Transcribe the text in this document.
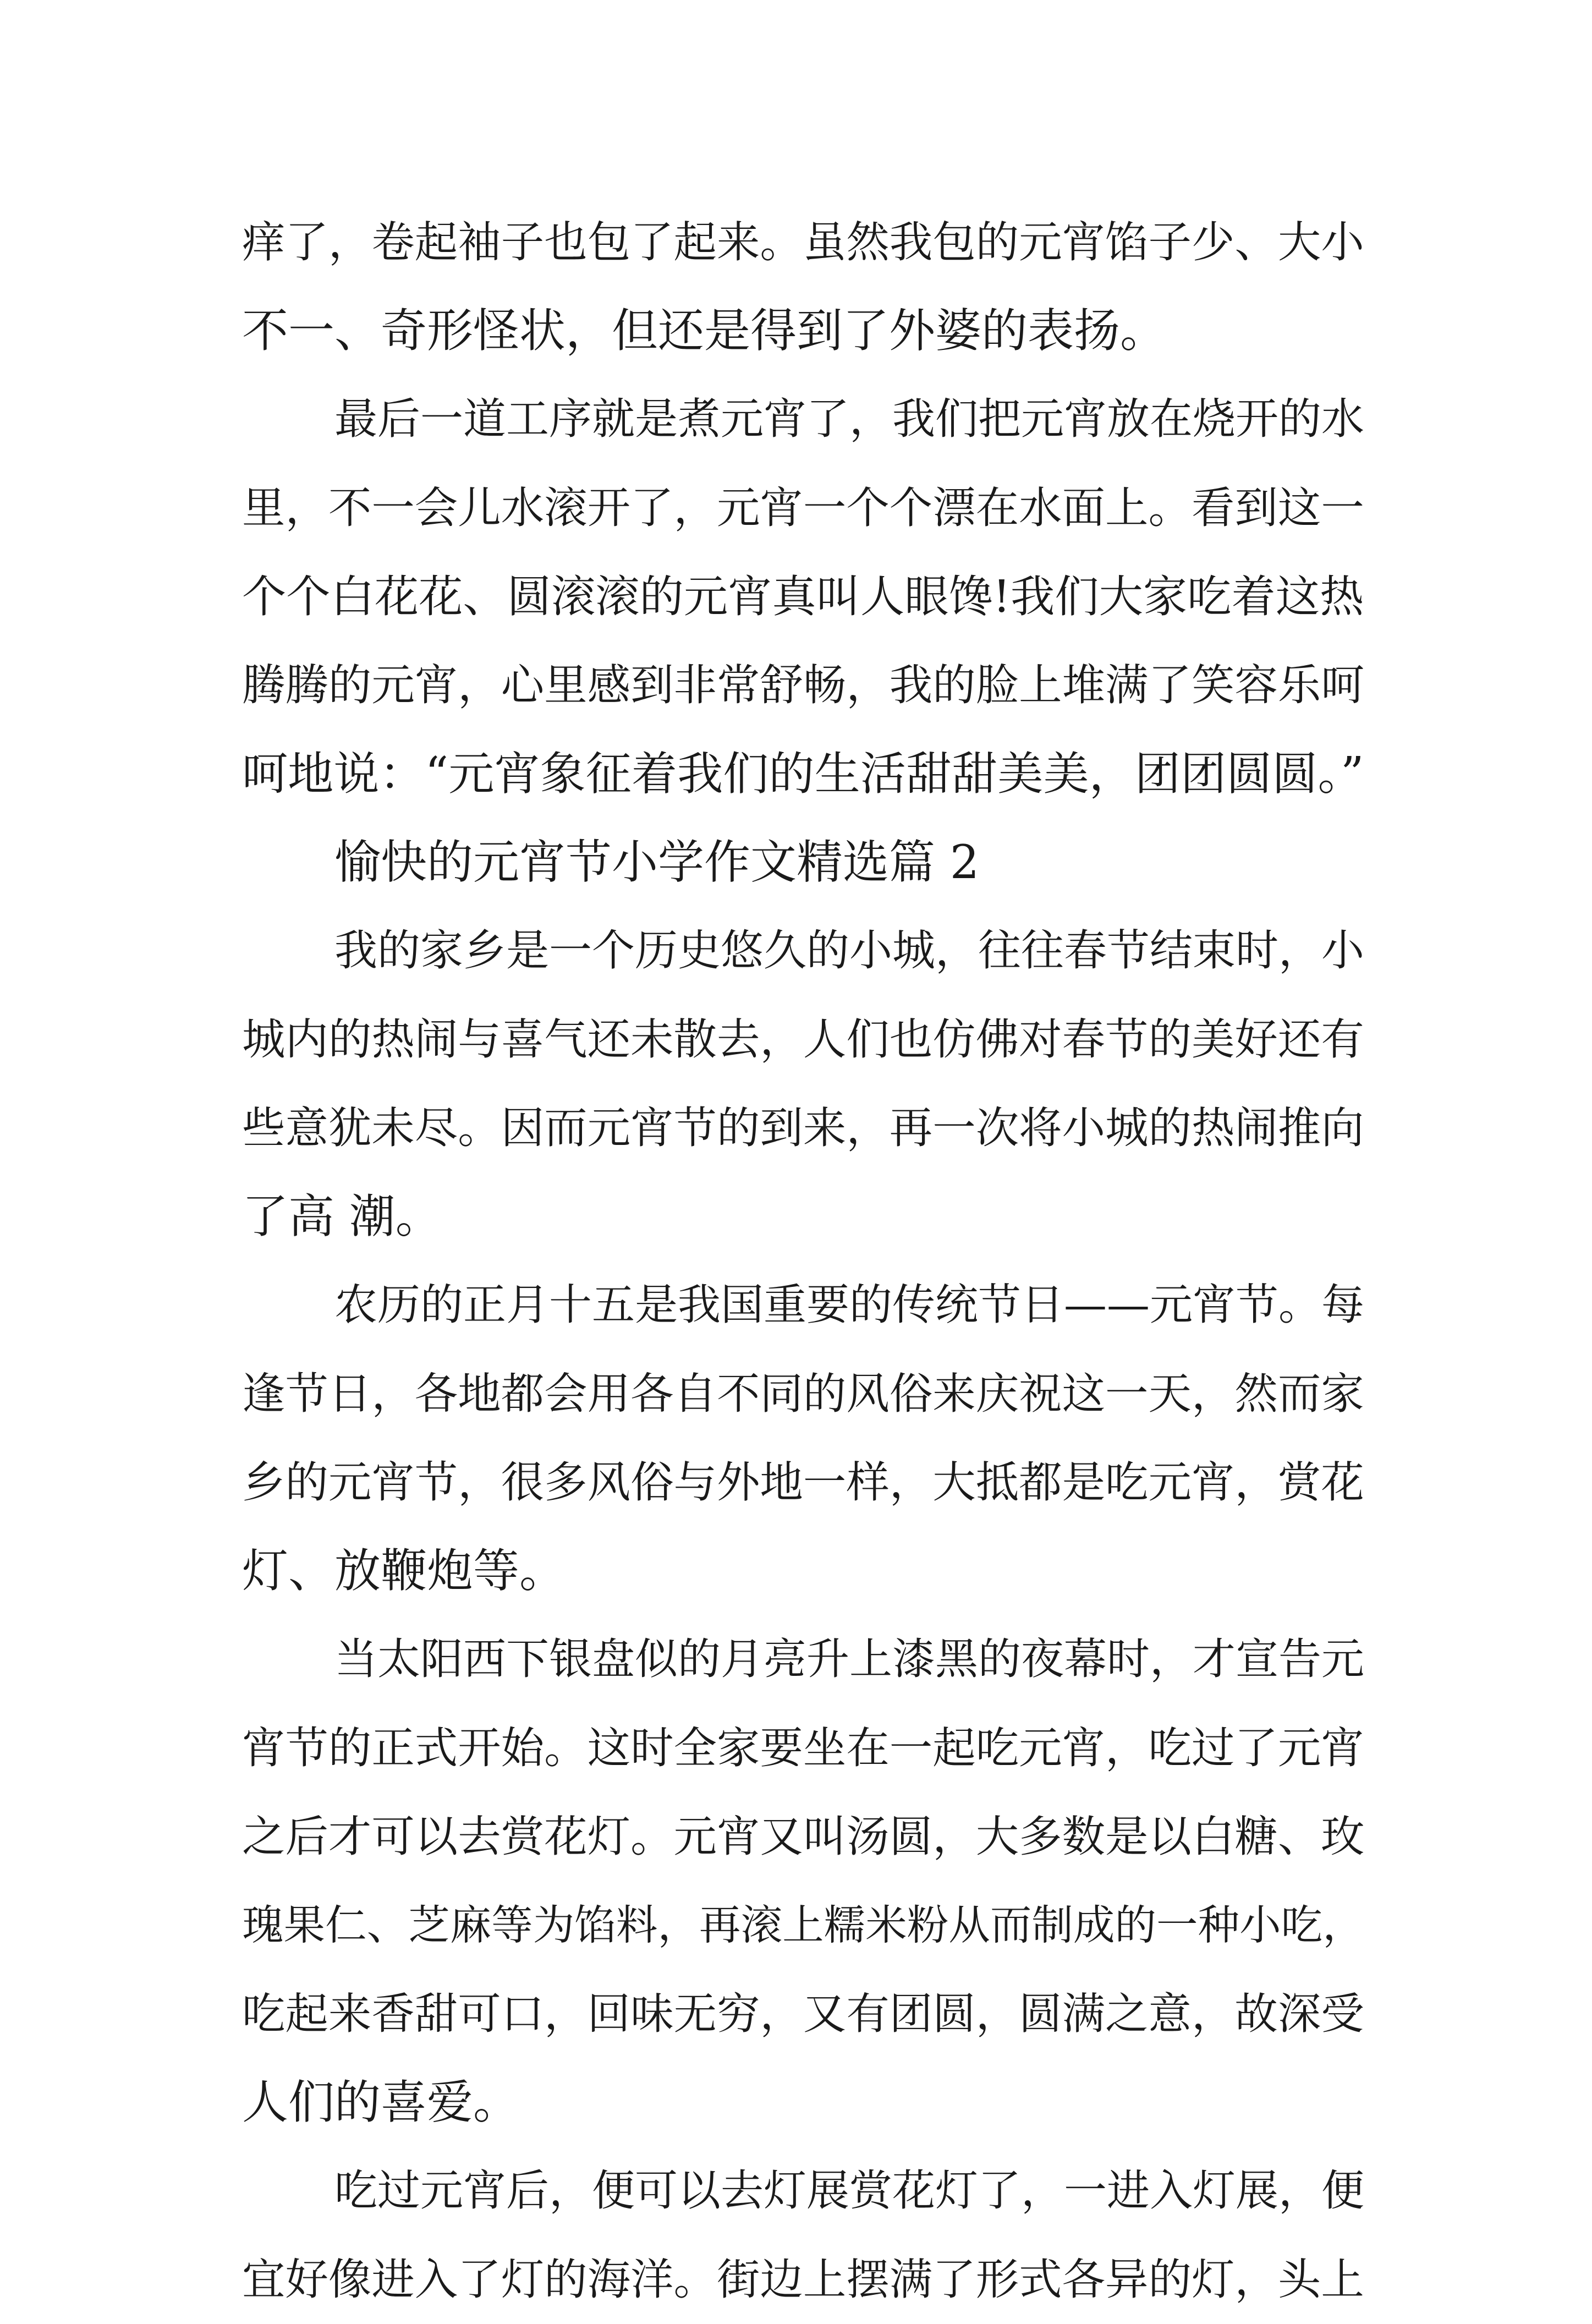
痒了，卷起袖子也包了起来。虽然我包的元宵馅子少、大小
不一、奇形怪状，但还是得到了外婆的表扬。
最后一道工序就是煮元宵了，我们把元宵放在烧开的水
里，不一会儿水滚开了，元宵一个个漂在水面上。看到这一
个个白花花、圆滚滚的元宵真叫人眼馋!我们大家吃着这热
腾腾的元宵，心里感到非常舒畅，我的脸上堆满了笑容乐呵
呵地说：“元宵象征着我们的生活甜甜美美，团团圆圆。”
愉快的元宵节小学作文精选篇 2
我的家乡是一个历史悠久的小城，往往春节结束时，小
城内的热闹与喜气还未散去，人们也仿佛对春节的美好还有
些意犹未尽。因而元宵节的到来，再一次将小城的热闹推向
了高 潮。
农历的正月十五是我国重要的传统节日——元宵节。每
逢节日，各地都会用各自不同的风俗来庆祝这一天，然而家
乡的元宵节，很多风俗与外地一样，大抵都是吃元宵，赏花
灯、放鞭炮等。
当太阳西下银盘似的月亮升上漆黑的夜幕时，才宣告元
宵节的正式开始。这时全家要坐在一起吃元宵，吃过了元宵
之后才可以去赏花灯。元宵又叫汤圆，大多数是以白糖、玫
瑰果仁、芝麻等为馅料，再滚上糯米粉从而制成的一种小吃，
吃起来香甜可口，回味无穷，又有团圆，圆满之意，故深受
人们的喜爱。
吃过元宵后，便可以去灯展赏花灯了，一进入灯展，便
宜好像进入了灯的海洋。街边上摆满了形式各异的灯，头上
